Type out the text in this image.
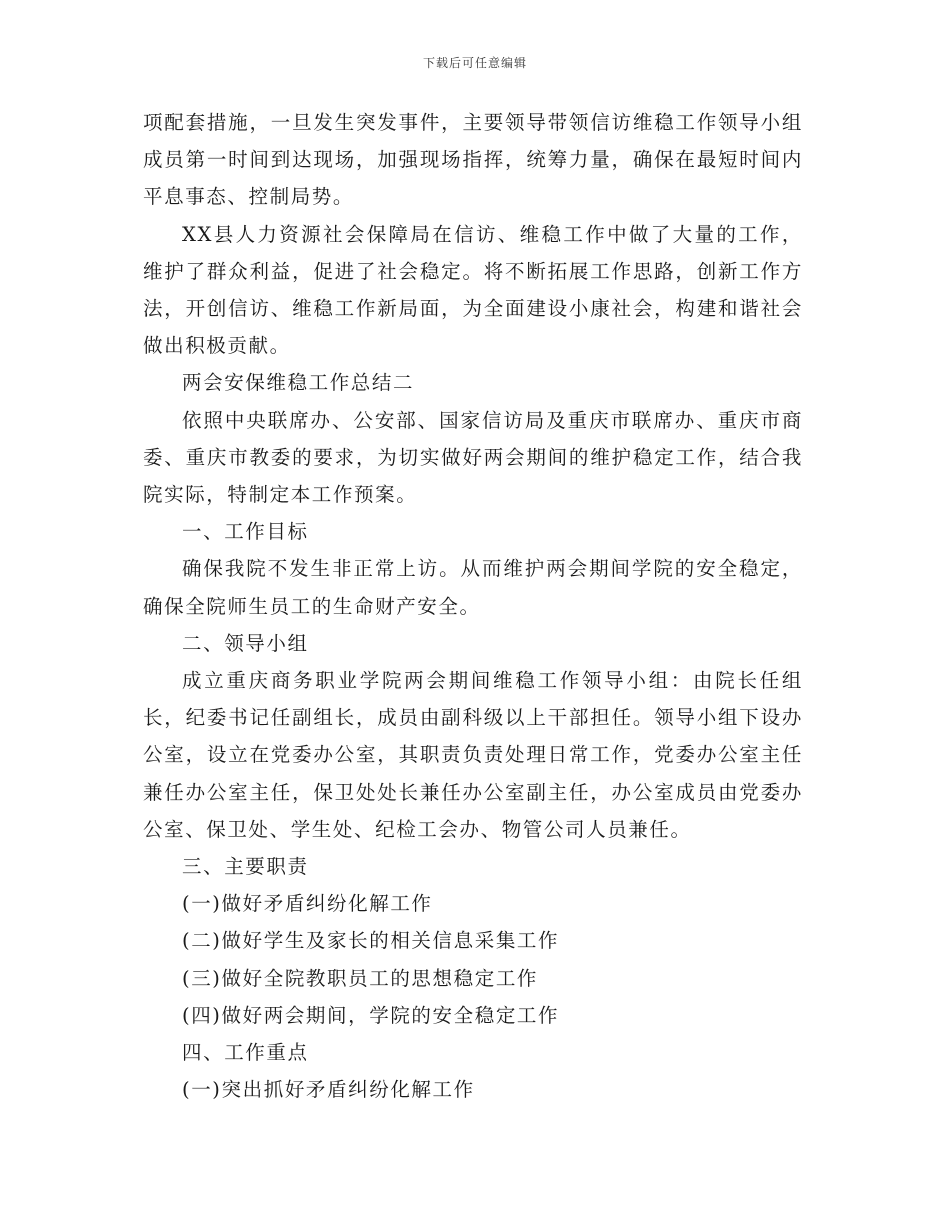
下载后可任意编辑

项配套措施，一旦发生突发事件，主要领导带领信访维稳工作领导小组成员第一时间到达现场，加强现场指挥，统筹力量，确保在最短时间内平息事态、控制局势。

XX县人力资源社会保障局在信访、维稳工作中做了大量的工作，维护了群众利益，促进了社会稳定。将不断拓展工作思路，创新工作方法，开创信访、维稳工作新局面，为全面建设小康社会，构建和谐社会做出积极贡献。

两会安保维稳工作总结二

依照中央联席办、公安部、国家信访局及重庆市联席办、重庆市商委、重庆市教委的要求，为切实做好两会期间的维护稳定工作，结合我院实际，特制定本工作预案。

一、工作目标

确保我院不发生非正常上访。从而维护两会期间学院的安全稳定，确保全院师生员工的生命财产安全。

二、领导小组

成立重庆商务职业学院两会期间维稳工作领导小组：由院长任组长，纪委书记任副组长，成员由副科级以上干部担任。领导小组下设办公室，设立在党委办公室，其职责负责处理日常工作，党委办公室主任兼任办公室主任，保卫处处长兼任办公室副主任，办公室成员由党委办公室、保卫处、学生处、纪检工会办、物管公司人员兼任。

三、主要职责

(一)做好矛盾纠纷化解工作

(二)做好学生及家长的相关信息采集工作

(三)做好全院教职员工的思想稳定工作

(四)做好两会期间，学院的安全稳定工作

四、工作重点

(一)突出抓好矛盾纠纷化解工作
